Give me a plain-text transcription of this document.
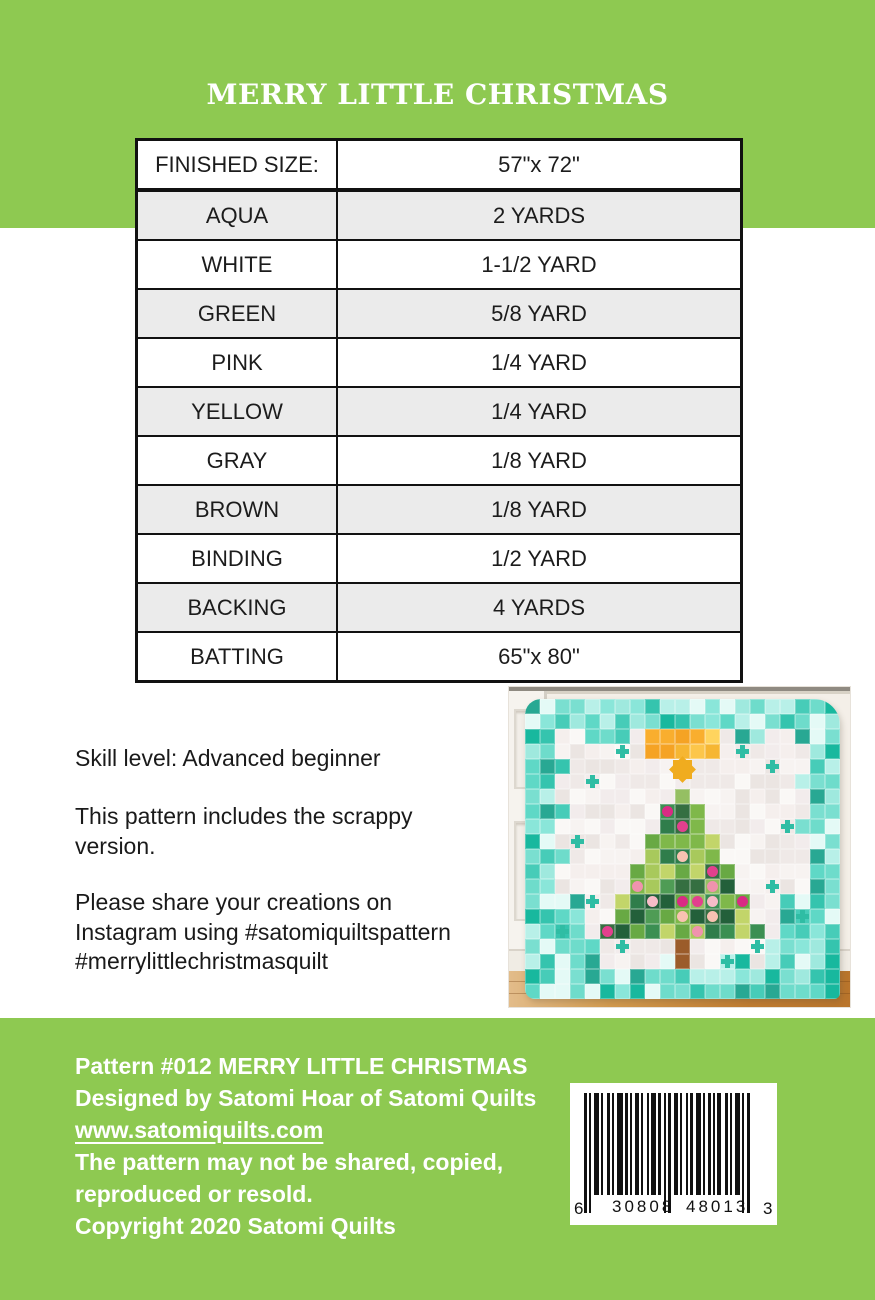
MERRY LITTLE CHRISTMAS
FINISHED SIZE:	57"x 72"
AQUA	2 YARDS
WHITE	1-1/2 YARD
GREEN	5/8 YARD
PINK	1/4 YARD
YELLOW	1/4 YARD
GRAY	1/8 YARD
BROWN	1/8 YARD
BINDING	1/2 YARD
BACKING	4 YARDS
BATTING	65"x 80"

Skill level: Advanced beginner

This pattern includes the scrappy
version.

Please share your creations on
Instagram using #satomiquiltspattern
#merrylittlechristmasquilt

Pattern #012 MERRY LITTLE CHRISTMAS
Designed by Satomi Hoar of Satomi Quilts
www.satomiquilts.com
The pattern may not be shared, copied,
reproduced or resold.
Copyright 2020 Satomi Quilts
6 30808 48013 3
